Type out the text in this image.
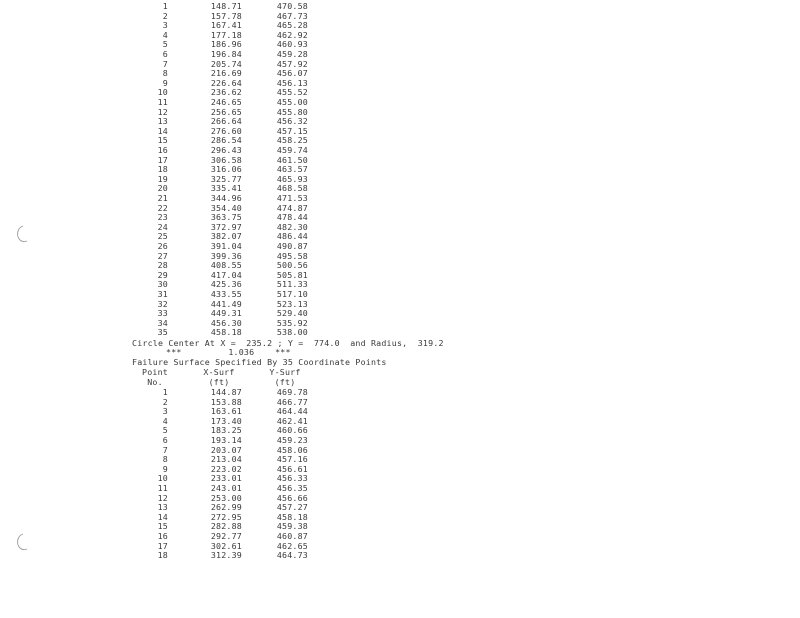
1	148.71	470.58
2	157.78	467.73
3	167.41	465.28
4	177.18	462.92
5	186.96	460.93
6	196.84	459.28
7	205.74	457.92
8	216.69	456.07
9	226.64	456.13
10	236.62	455.52
11	246.65	455.00
12	256.65	455.80
13	266.64	456.32
14	276.60	457.15
15	286.54	458.25
16	296.43	459.74
17	306.58	461.50
18	316.06	463.57
19	325.77	465.93
20	335.41	468.58
21	344.96	471.53
22	354.40	474.87
23	363.75	478.44
24	372.97	482.30
25	382.07	486.44
26	391.04	490.87
27	399.36	495.58
28	408.55	500.56
29	417.04	505.81
30	425.36	511.33
31	433.55	517.10
32	441.49	523.13
33	449.31	529.40
34	456.30	535.92
35	458.18	538.00
Circle Center At X =  235.2 ; Y =  774.0  and Radius,  319.2
***         1.036    ***
Failure Surface Specified By 35 Coordinate Points
Point	X-Surf	Y-Surf
No.	(ft)	(ft)
1	144.87	469.78
2	153.88	466.77
3	163.61	464.44
4	173.40	462.41
5	183.25	460.66
6	193.14	459.23
7	203.07	458.06
8	213.04	457.16
9	223.02	456.61
10	233.01	456.33
11	243.01	456.35
12	253.00	456.66
13	262.99	457.27
14	272.95	458.18
15	282.88	459.38
16	292.77	460.87
17	302.61	462.65
18	312.39	464.73
